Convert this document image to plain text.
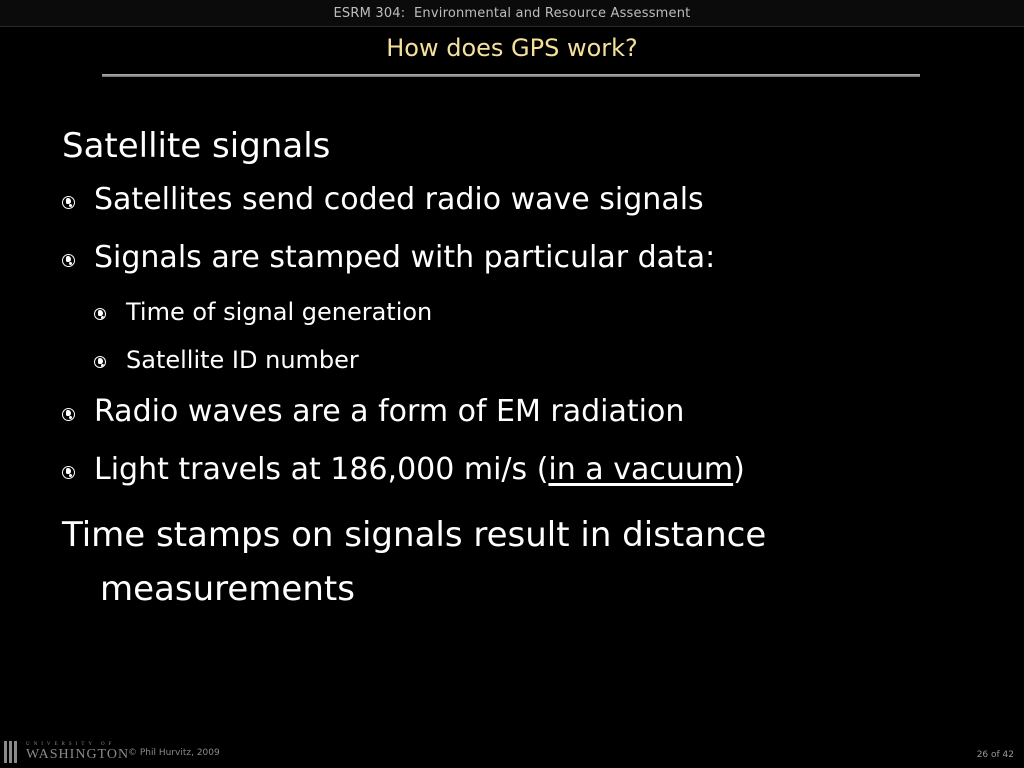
ESRM 304:  Environmental and Resource Assessment
How does GPS work?
Satellite signals
Satellites send coded radio wave signals
Signals are stamped with particular data:
Time of signal generation
Satellite ID number
Radio waves are a form of EM radiation
Light travels at 186,000 mi/s (in a vacuum)
Time stamps on signals result in distance measurements
UNIVERSITY OF
WASHINGTON
© Phil Hurvitz, 2009	26 of 42
